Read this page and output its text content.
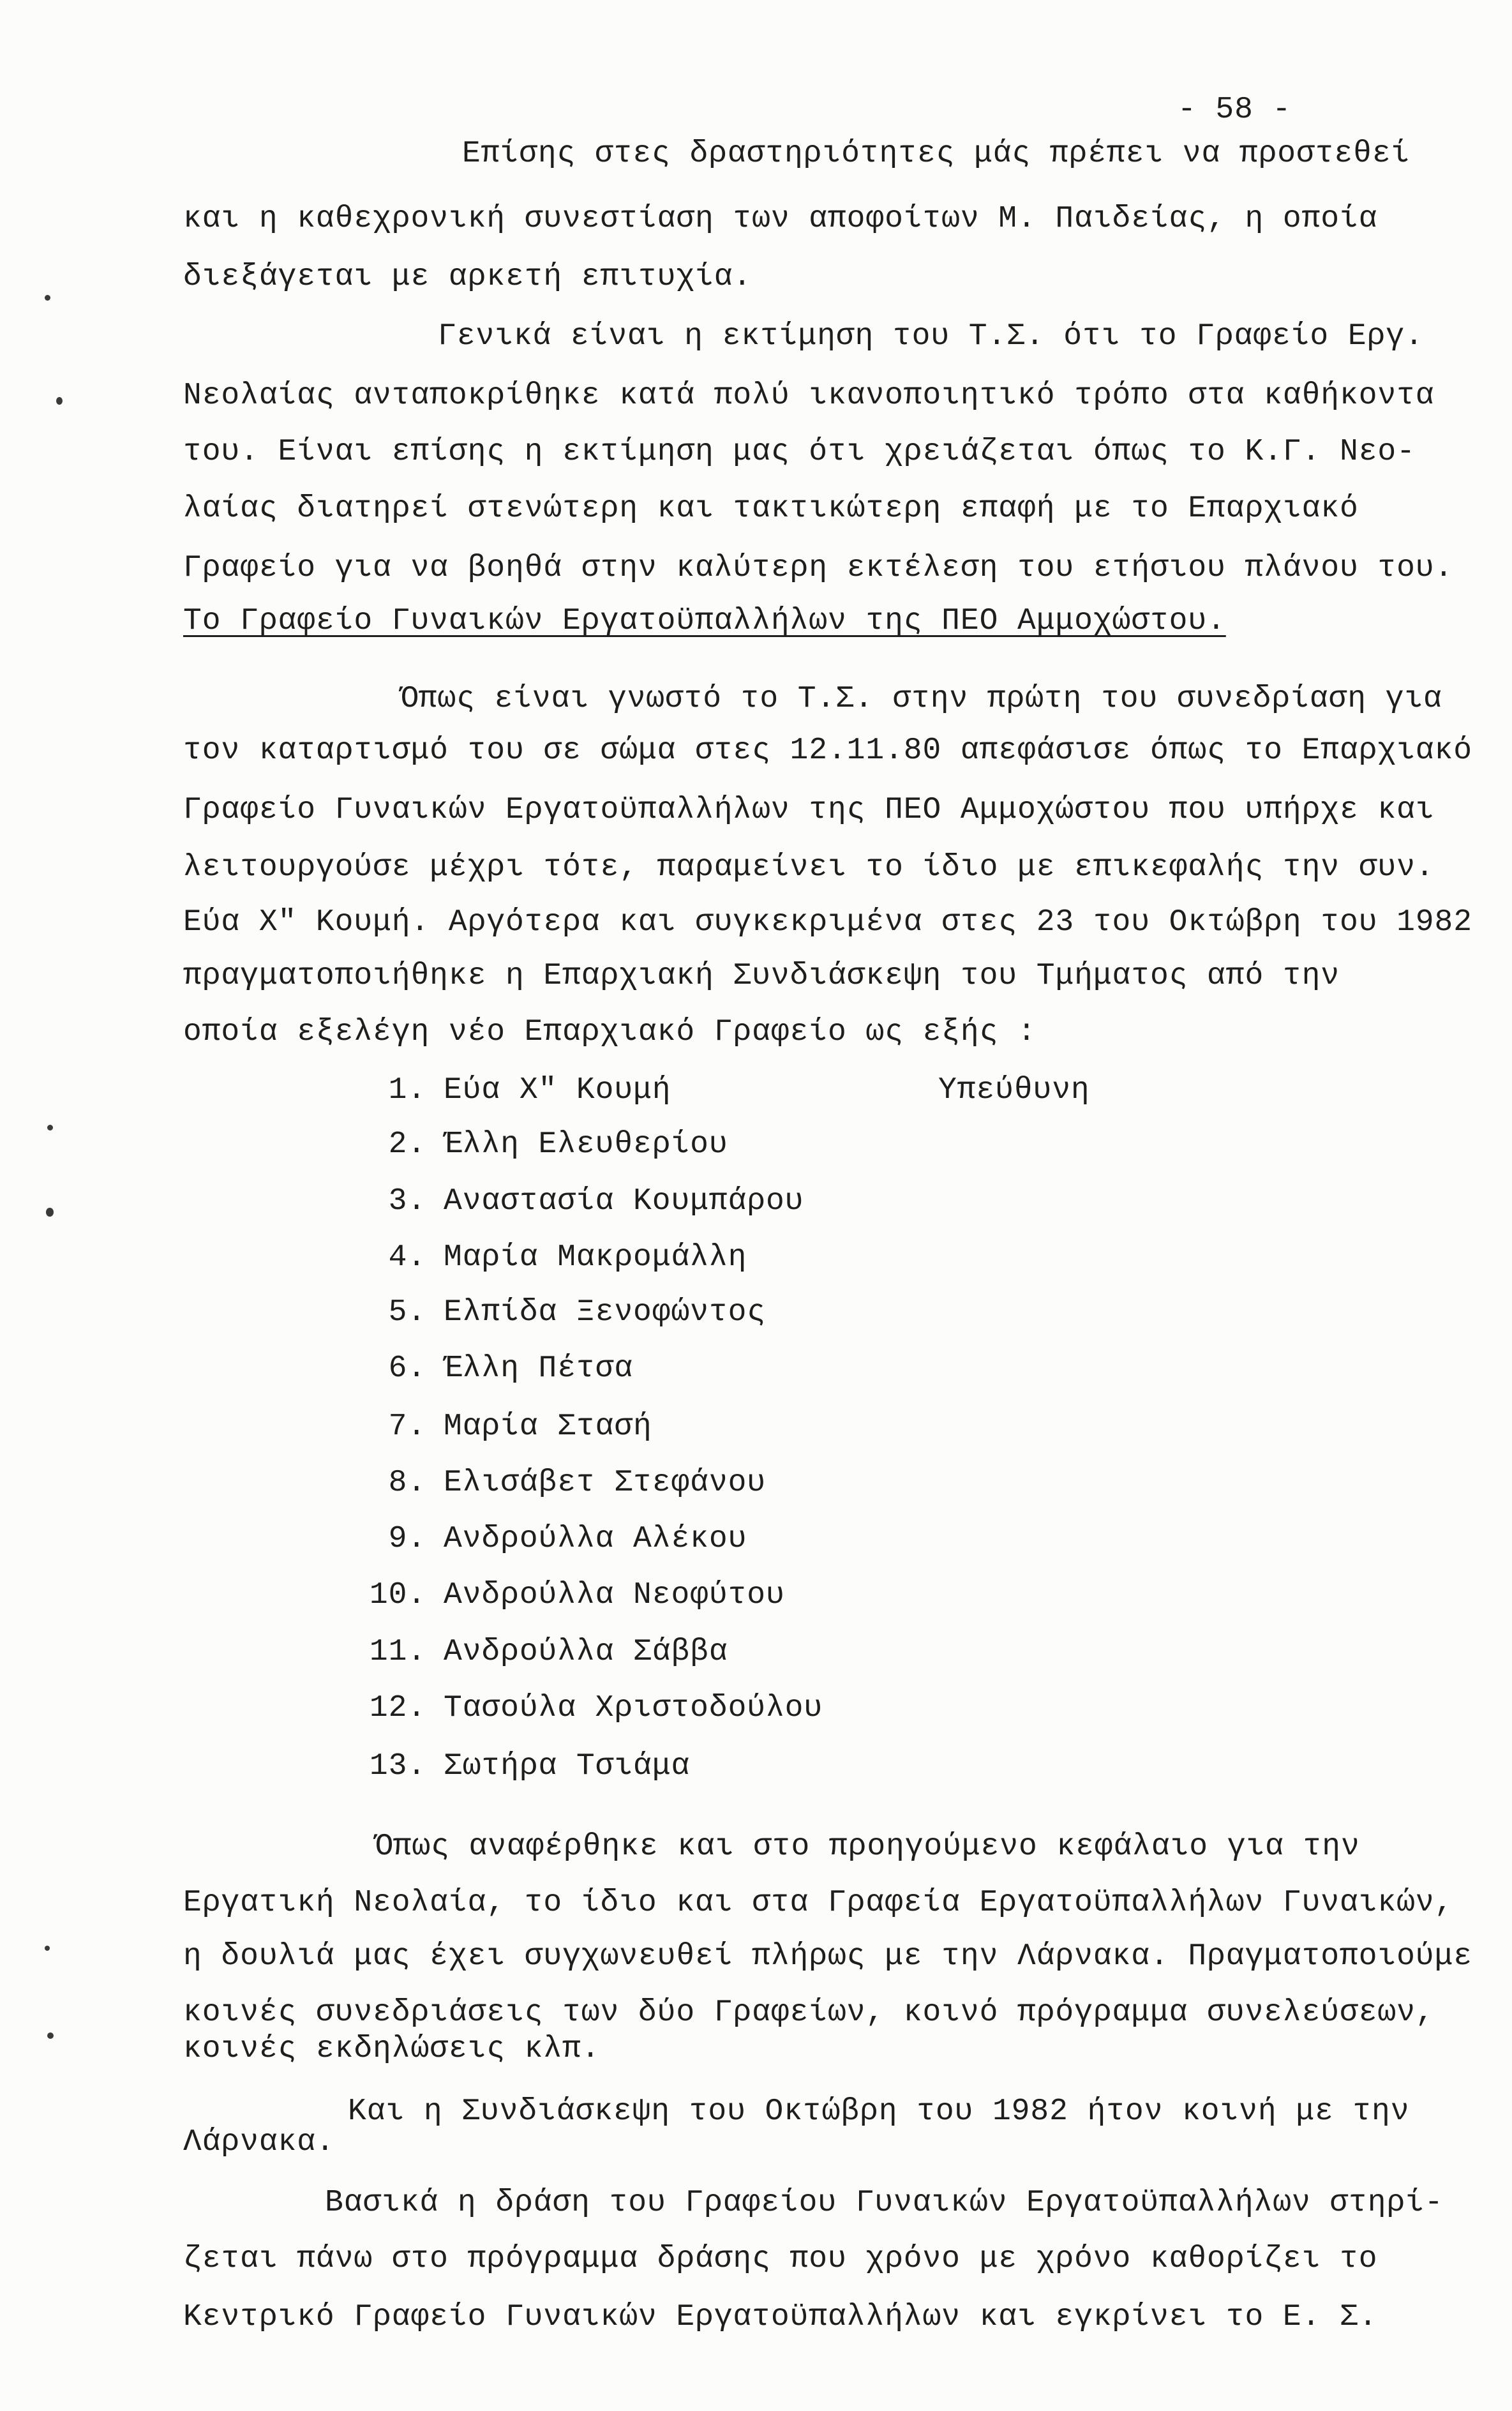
- 58 -
Επίσης στες δραστηριότητες μάς πρέπει να προστεθεί
και η καθεχρονική συνεστίαση των αποφοίτων Μ. Παιδείας, η οποία
διεξάγεται με αρκετή επιτυχία.
Γενικά είναι η εκτίμηση του Τ.Σ. ότι το Γραφείο Εργ.
Νεολαίας ανταποκρίθηκε κατά πολύ ικανοποιητικό τρόπο στα καθήκοντα
του. Είναι επίσης η εκτίμηση μας ότι χρειάζεται όπως το Κ.Γ. Νεο-
λαίας διατηρεί στενώτερη και τακτικώτερη επαφή με το Επαρχιακό
Γραφείο για να βοηθά στην καλύτερη εκτέλεση του ετήσιου πλάνου του.
Το Γραφείο Γυναικών Εργατοϋπαλλήλων της ΠΕΟ Αμμοχώστου.
Όπως είναι γνωστό το Τ.Σ. στην πρώτη του συνεδρίαση για
τον καταρτισμό του σε σώμα στες 12.11.80 απεφάσισε όπως το Επαρχιακό
Γραφείο Γυναικών Εργατοϋπαλλήλων της ΠΕΟ Αμμοχώστου που υπήρχε και
λειτουργούσε μέχρι τότε, παραμείνει το ίδιο με επικεφαλής την συν.
Εύα Χ" Κουμή. Αργότερα και συγκεκριμένα στες 23 του Οκτώβρη του 1982
πραγματοποιήθηκε η Επαρχιακή Συνδιάσκεψη του Τμήματος από την
οποία εξελέγη νέο Επαρχιακό Γραφείο ως εξής :
1. Εύα Χ" Κουμή	Υπεύθυνη
2. Έλλη Ελευθερίου
3. Αναστασία Κουμπάρου
4. Μαρία Μακρομάλλη
5. Ελπίδα Ξενοφώντος
6. Έλλη Πέτσα
7. Μαρία Στασή
8. Ελισάβετ Στεφάνου
9. Ανδρούλλα Αλέκου
10. Ανδρούλλα Νεοφύτου
11. Ανδρούλλα Σάββα
12. Τασούλα Χριστοδούλου
13. Σωτήρα Τσιάμα
Όπως αναφέρθηκε και στο προηγούμενο κεφάλαιο για την
Εργατική Νεολαία, το ίδιο και στα Γραφεία Εργατοϋπαλλήλων Γυναικών,
η δουλιά μας έχει συγχωνευθεί πλήρως με την Λάρνακα. Πραγματοποιούμε
κοινές συνεδριάσεις των δύο Γραφείων, κοινό πρόγραμμα συνελεύσεων,
κοινές εκδηλώσεις κλπ.
Και η Συνδιάσκεψη του Οκτώβρη του 1982 ήτον κοινή με την
Λάρνακα.
Βασικά η δράση του Γραφείου Γυναικών Εργατοϋπαλλήλων στηρί-
ζεται πάνω στο πρόγραμμα δράσης που χρόνο με χρόνο καθορίζει το
Κεντρικό Γραφείο Γυναικών Εργατοϋπαλλήλων και εγκρίνει το Ε. Σ.
